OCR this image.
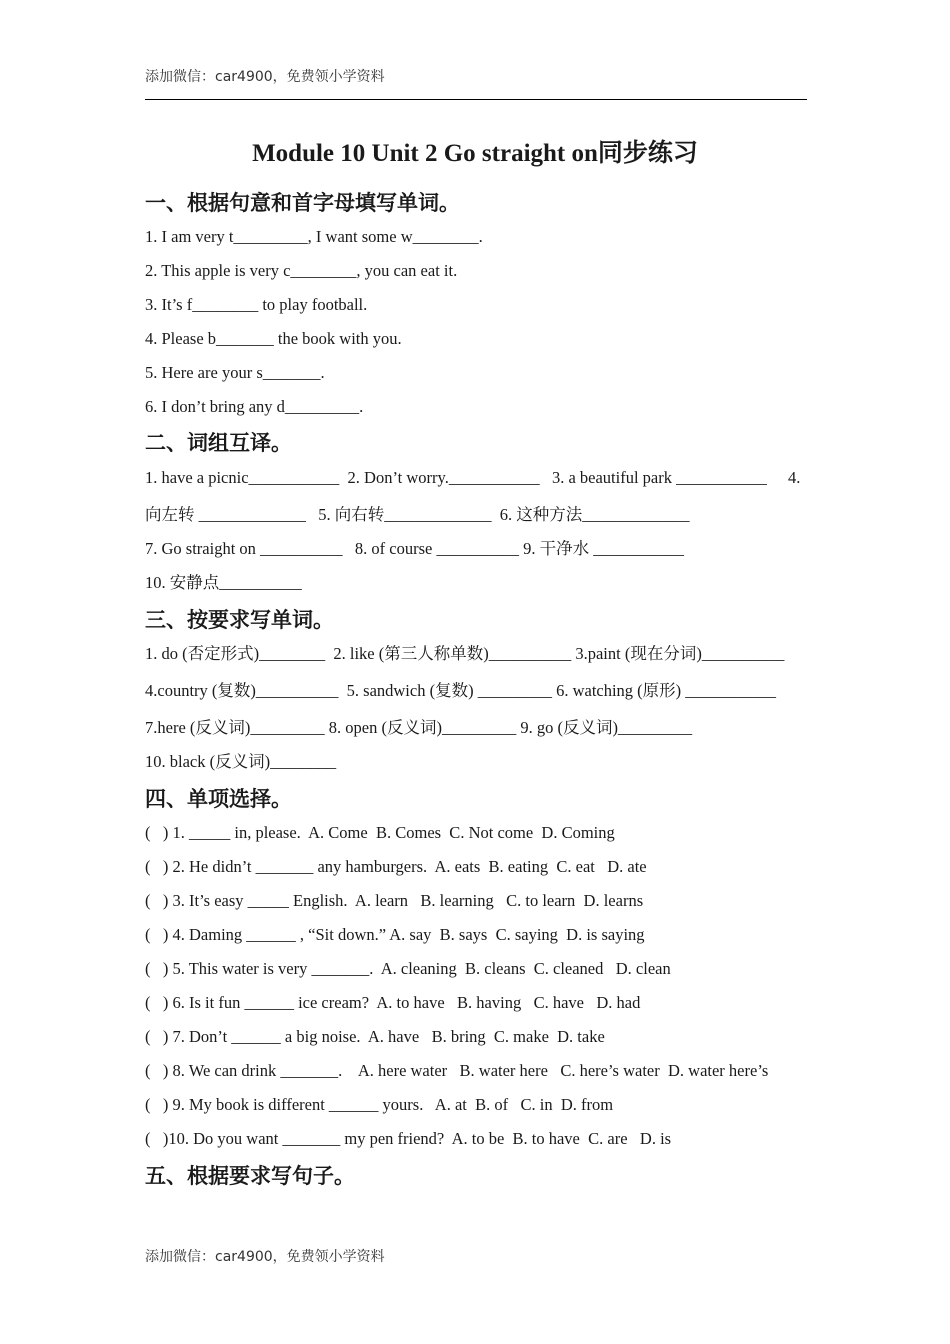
添加微信：car4900，免费领小学资料
Module 10 Unit 2 Go straight on同步练习
一、根据句意和首字母填写单词。
1. I am very t_________, I want some w________.
2. This apple is very c________, you can eat it.
3. It’s f________ to play football.
4. Please b_______ the book with you.
5. Here are your s_______.
6. I don’t bring any d_________.
二、词组互译。
1. have a picnic___________  2. Don’t worry.___________   3. a beautiful park ___________ 4.
向左转 _____________   5. 向右转_____________  6. 这种方法_____________
7. Go straight on __________   8. of course __________ 9. 干净水 ___________
10. 安静点__________
三、按要求写单词。
1. do (否定形式)________  2. like (第三人称单数)__________ 3.paint (现在分词)__________
4.country (复数)__________  5. sandwich (复数) _________ 6. watching (原形) ___________
7.here (反义词)_________ 8. open (反义词)_________ 9. go (反义词)_________
10. black (反义词)________
四、单项选择。
(   ) 1. _____ in, please.  A. Come  B. Comes  C. Not come  D. Coming
(   ) 2. He didn’t _______ any hamburgers.  A. eats  B. eating  C. eat   D. ate
(   ) 3. It’s easy _____ English.  A. learn   B. learning   C. to learn  D. learns
(   ) 4. Daming ______ , “Sit down.” A. say  B. says  C. saying  D. is saying
(   ) 5. This water is very _______.  A. cleaning  B. cleans  C. cleaned   D. clean
(   ) 6. Is it fun ______ ice cream?  A. to have   B. having   C. have   D. had
(   ) 7. Don’t ______ a big noise.  A. have   B. bring  C. make  D. take
(   ) 8. We can drink _______.    A. here water   B. water here   C. here’s water  D. water here’s
(   ) 9. My book is different ______ yours.   A. at  B. of   C. in  D. from
(   )10. Do you want _______ my pen friend?  A. to be  B. to have  C. are   D. is
五、根据要求写句子。
添加微信：car4900，免费领小学资料
